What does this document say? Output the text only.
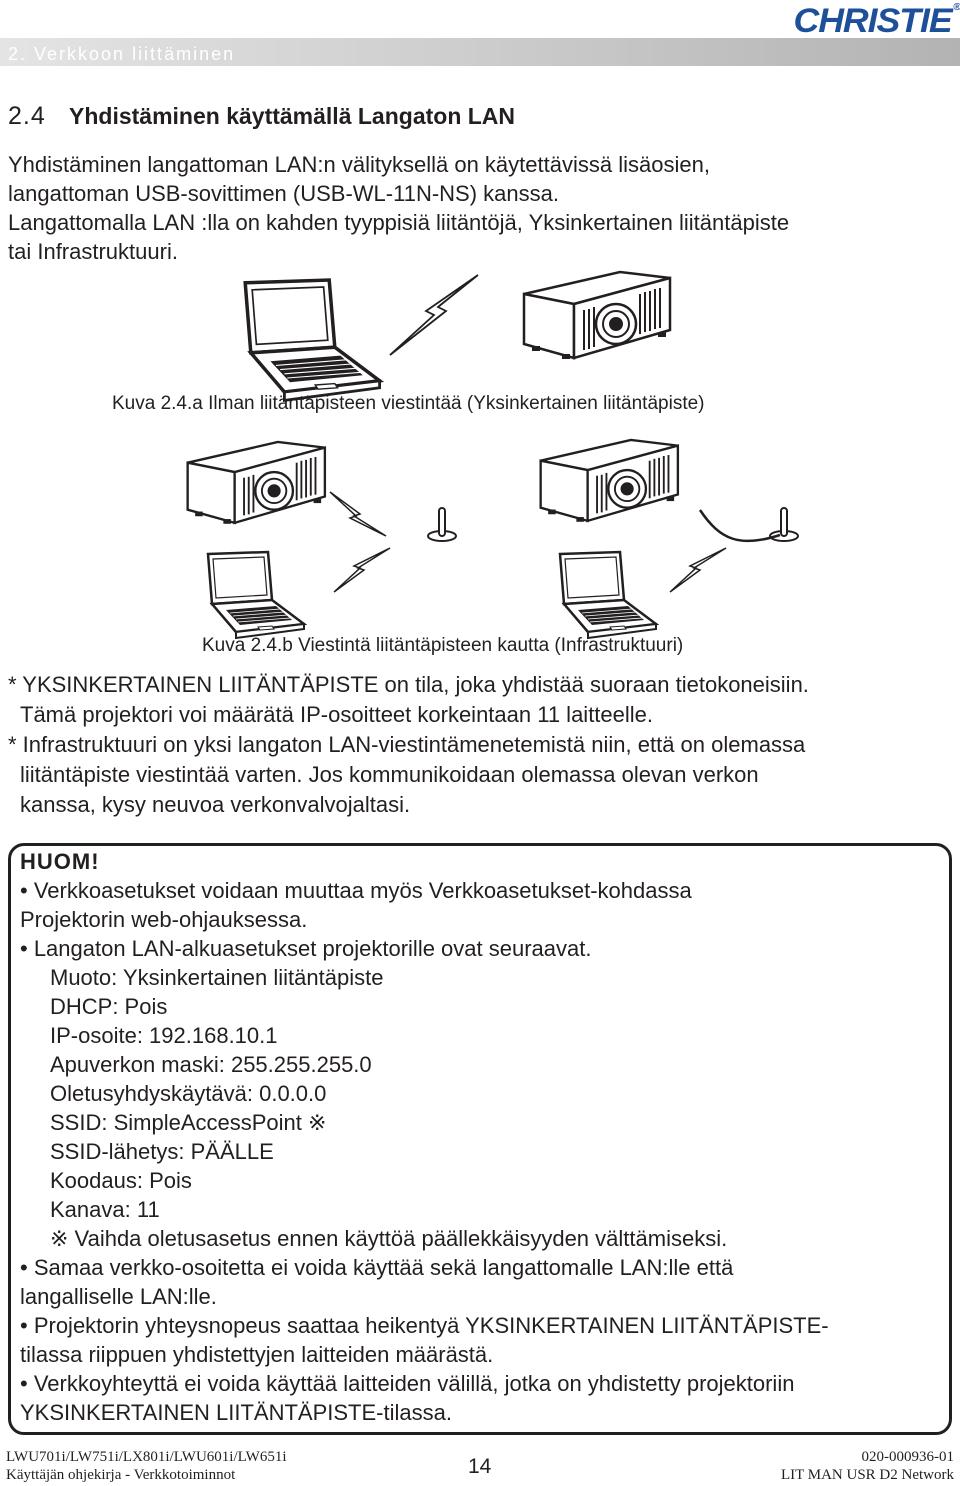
2. Verkkoon liittäminen
CHRISTIE ®
2.4 Yhdistäminen käyttämällä Langaton LAN
Yhdistäminen langattoman LAN:n välityksellä on käytettävissä lisäosien,
langattoman USB-sovittimen (USB-WL-11N-NS) kanssa.
Langattomalla LAN :lla on kahden tyyppisiä liitäntöjä, Yksinkertainen liitäntäpiste
tai Infrastruktuuri.
Kuva 2.4.a Ilman liitäntäpisteen viestintää (Yksinkertainen liitäntäpiste)
Kuva 2.4.b Viestintä liitäntäpisteen kautta (Infrastruktuuri)
* YKSINKERTAINEN LIITÄNTÄPISTE on tila, joka yhdistää suoraan tietokoneisiin.
Tämä projektori voi määrätä IP-osoitteet korkeintaan 11 laitteelle.
* Infrastruktuuri on yksi langaton LAN-viestintämenetemistä niin, että on olemassa
liitäntäpiste viestintää varten. Jos kommunikoidaan olemassa olevan verkon
kanssa, kysy neuvoa verkonvalvojaltasi.
HUOM!
• Verkkoasetukset voidaan muuttaa myös Verkkoasetukset-kohdassa
Projektorin web-ohjauksessa.
• Langaton LAN-alkuasetukset projektorille ovat seuraavat.
Muoto: Yksinkertainen liitäntäpiste
DHCP: Pois
IP-osoite: 192.168.10.1
Apuverkon maski: 255.255.255.0
Oletusyhdyskäytävä: 0.0.0.0
SSID: SimpleAccessPoint ※
SSID-lähetys: PÄÄLLE
Koodaus: Pois
Kanava: 11
※ Vaihda oletusasetus ennen käyttöä päällekkäisyyden välttämiseksi.
• Samaa verkko-osoitetta ei voida käyttää sekä langattomalle LAN:lle että
langalliselle LAN:lle.
• Projektorin yhteysnopeus saattaa heikentyä YKSINKERTAINEN LIITÄNTÄPISTE-
tilassa riippuen yhdistettyjen laitteiden määrästä.
• Verkkoyhteyttä ei voida käyttää laitteiden välillä, jotka on yhdistetty projektoriin
YKSINKERTAINEN LIITÄNTÄPISTE-tilassa.
LWU701i/LW751i/LX801i/LWU601i/LW651i
Käyttäjän ohjekirja - Verkkotoiminnot	14	020-000936-01
LIT MAN USR D2 Network
